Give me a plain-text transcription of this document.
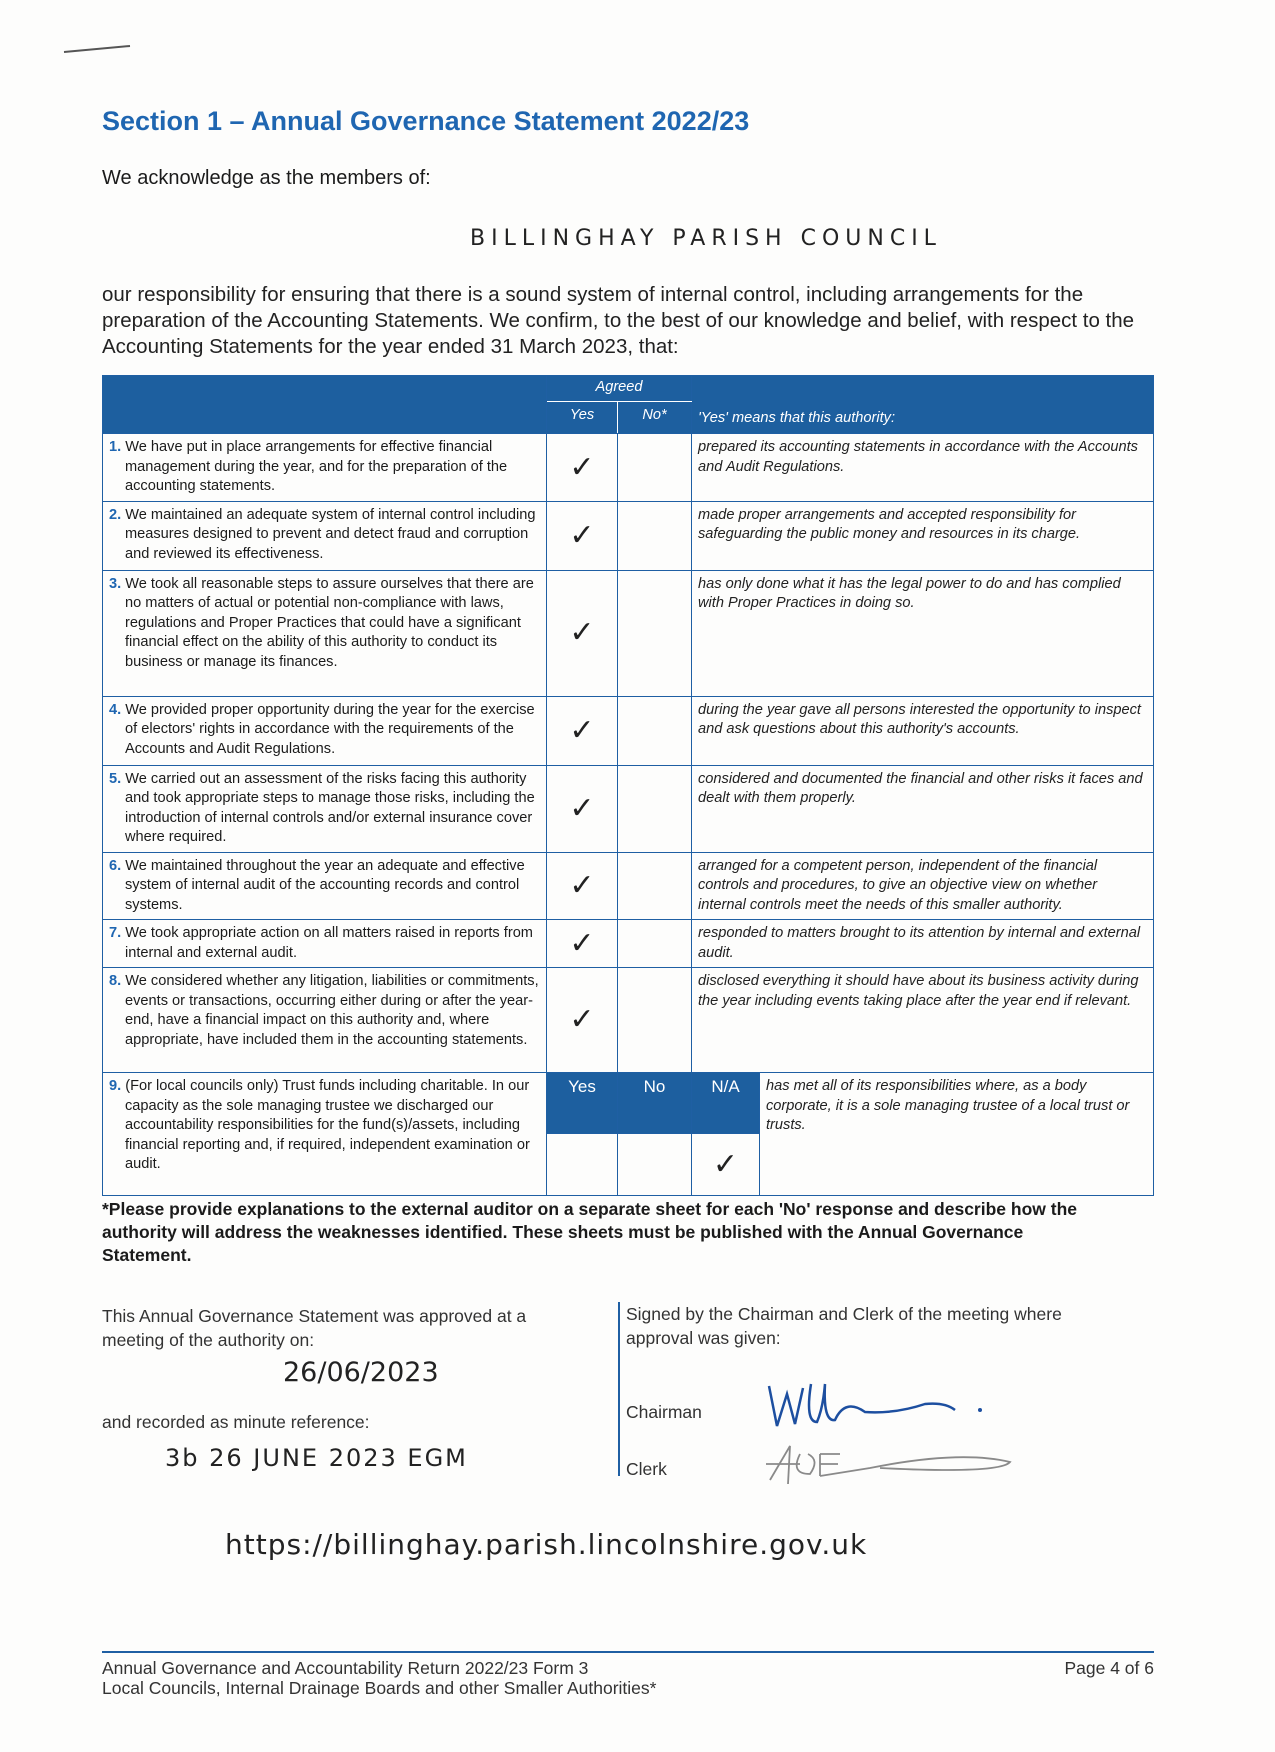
Section 1 – Annual Governance Statement 2022/23
We acknowledge as the members of:
BILLINGHAY PARISH COUNCIL
our responsibility for ensuring that there is a sound system of internal control, including arrangements for the preparation of the Accounting Statements. We confirm, to the best of our knowledge and belief, with respect to the Accounting Statements for the year ended 31 March 2023, that:
	Agreed		'Yes' means that this authority:	
	Yes	No*		
1. We have put in place arrangements for effective financial management during the year, and for the preparation of the accounting statements.	✓		prepared its accounting statements in accordance with the Accounts and Audit Regulations.	
2. We maintained an adequate system of internal control including measures designed to prevent and detect fraud and corruption and reviewed its effectiveness.	✓		made proper arrangements and accepted responsibility for safeguarding the public money and resources in its charge.	
3. We took all reasonable steps to assure ourselves that there are no matters of actual or potential non-compliance with laws, regulations and Proper Practices that could have a significant financial effect on the ability of this authority to conduct its business or manage its finances.	✓		has only done what it has the legal power to do and has complied with Proper Practices in doing so.	
4. We provided proper opportunity during the year for the exercise of electors' rights in accordance with the requirements of the Accounts and Audit Regulations.	✓		during the year gave all persons interested the opportunity to inspect and ask questions about this authority's accounts.	
5. We carried out an assessment of the risks facing this authority and took appropriate steps to manage those risks, including the introduction of internal controls and/or external insurance cover where required.	✓		considered and documented the financial and other risks it faces and dealt with them properly.	
6. We maintained throughout the year an adequate and effective system of internal audit of the accounting records and control systems.	✓		arranged for a competent person, independent of the financial controls and procedures, to give an objective view on whether internal controls meet the needs of this smaller authority.	
7. We took appropriate action on all matters raised in reports from internal and external audit.	✓		responded to matters brought to its attention by internal and external audit.	
8. We considered whether any litigation, liabilities or commitments, events or transactions, occurring either during or after the year-end, have a financial impact on this authority and, where appropriate, have included them in the accounting statements.	✓		disclosed everything it should have about its business activity during the year including events taking place after the year end if relevant.	
9. (For local councils only) Trust funds including charitable. In our capacity as the sole managing trustee we discharged our accountability responsibilities for the fund(s)/assets, including financial reporting and, if required, independent examination or audit.	Yes	No	N/A	has met all of its responsibilities where, as a body corporate, it is a sole managing trustee of a local trust or trusts.
			✓	
*Please provide explanations to the external auditor on a separate sheet for each 'No' response and describe how the authority will address the weaknesses identified. These sheets must be published with the Annual Governance Statement.
This Annual Governance Statement was approved at a meeting of the authority on:
26/06/2023
and recorded as minute reference:
3b 26 JUNE 2023 EGM
Signed by the Chairman and Clerk of the meeting where approval was given:
Chairman
Clerk
https://billinghay.parish.lincolnshire.gov.uk
Annual Governance and Accountability Return 2022/23 Form 3
Local Councils, Internal Drainage Boards and other Smaller Authorities*
Page 4 of 6
